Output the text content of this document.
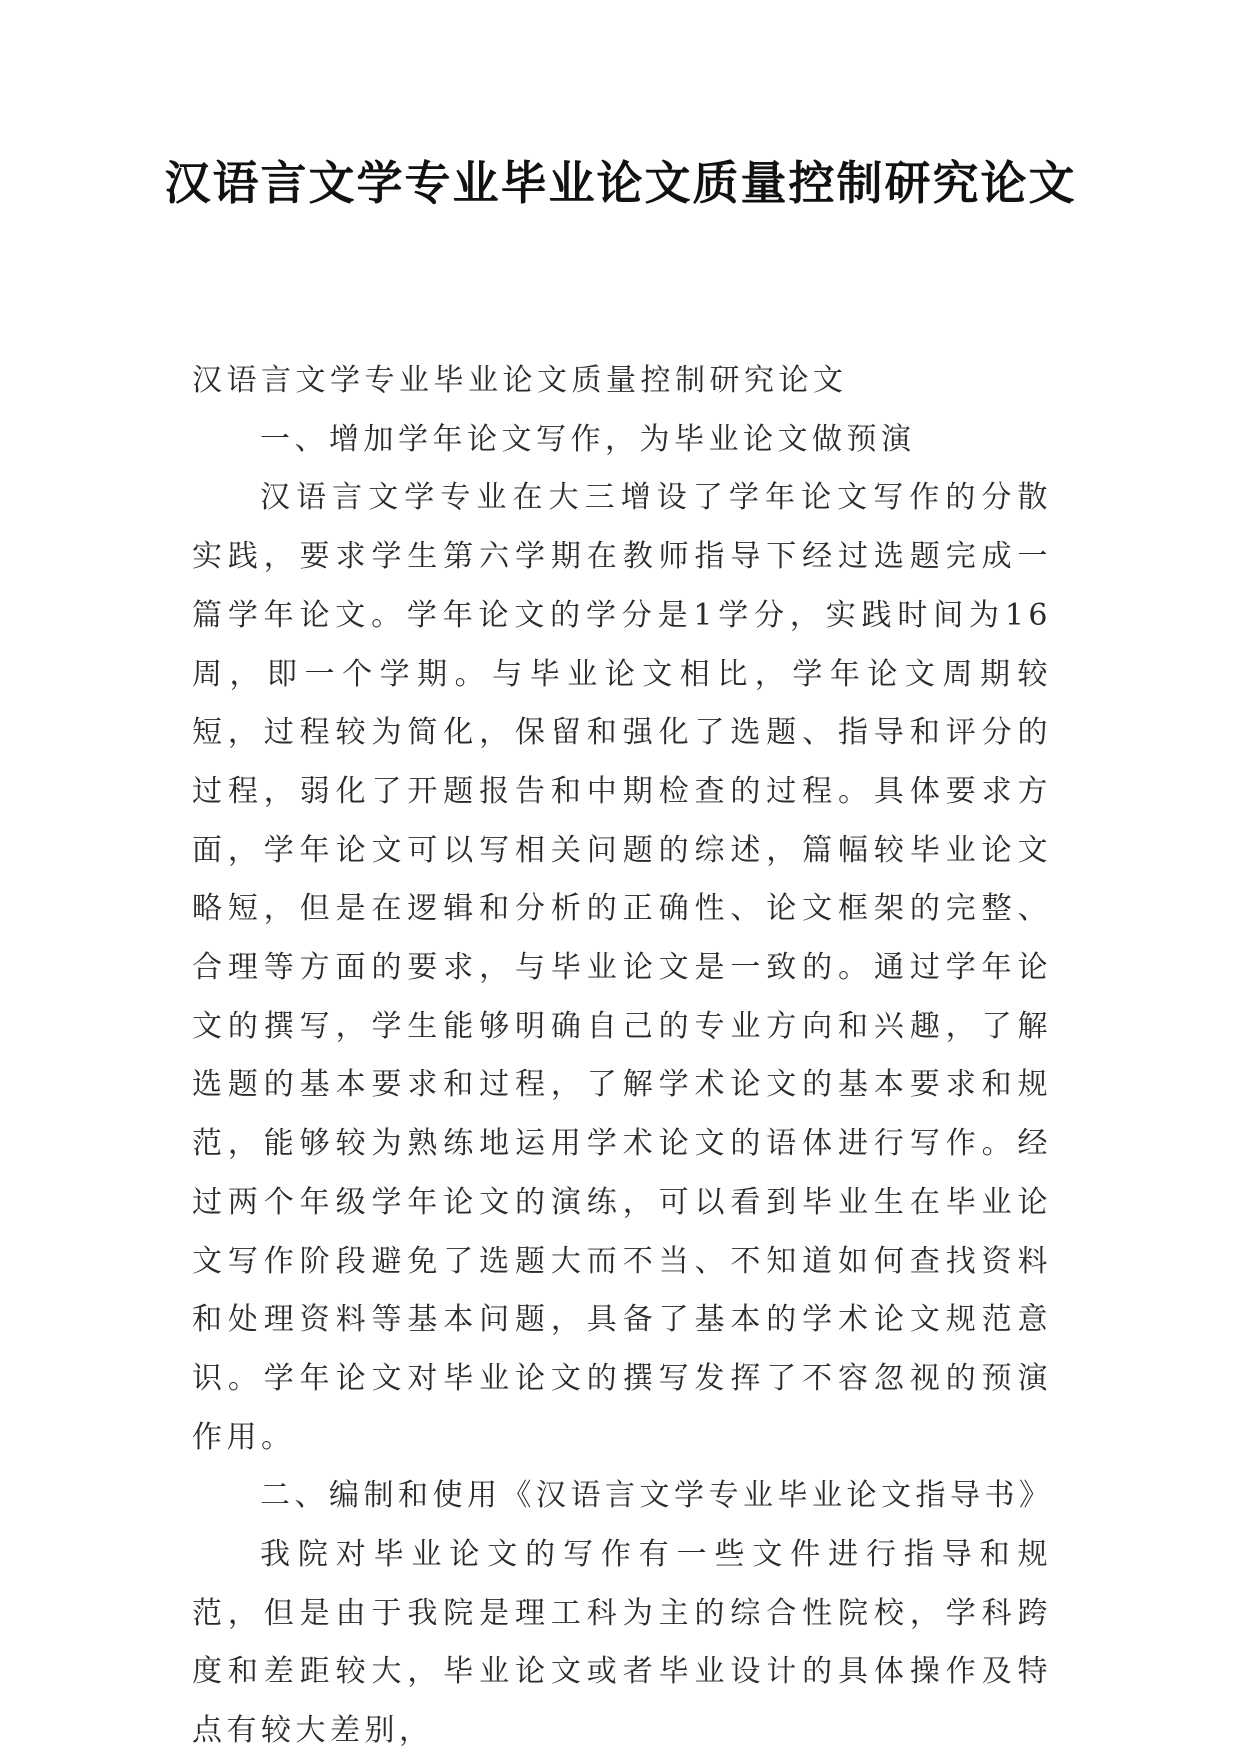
汉语言文学专业毕业论文质量控制研究论文

汉语言文学专业毕业论文质量控制研究论文

一、增加学年论文写作，为毕业论文做预演

汉语言文学专业在大三增设了学年论文写作的分散实践，要求学生第六学期在教师指导下经过选题完成一篇学年论文。学年论文的学分是1学分，实践时间为16周，即一个学期。与毕业论文相比，学年论文周期较短，过程较为简化，保留和强化了选题、指导和评分的过程，弱化了开题报告和中期检查的过程。具体要求方面，学年论文可以写相关问题的综述，篇幅较毕业论文略短，但是在逻辑和分析的正确性、论文框架的完整、合理等方面的要求，与毕业论文是一致的。通过学年论文的撰写，学生能够明确自己的专业方向和兴趣，了解选题的基本要求和过程，了解学术论文的基本要求和规范，能够较为熟练地运用学术论文的语体进行写作。经过两个年级学年论文的演练，可以看到毕业生在毕业论文写作阶段避免了选题大而不当、不知道如何查找资料和处理资料等基本问题，具备了基本的学术论文规范意识。学年论文对毕业论文的撰写发挥了不容忽视的预演作用。

二、编制和使用《汉语言文学专业毕业论文指导书》

我院对毕业论文的写作有一些文件进行指导和规范，但是由于我院是理工科为主的综合性院校，学科跨度和差距较大，毕业论文或者毕业设计的具体操作及特点有较大差别，
